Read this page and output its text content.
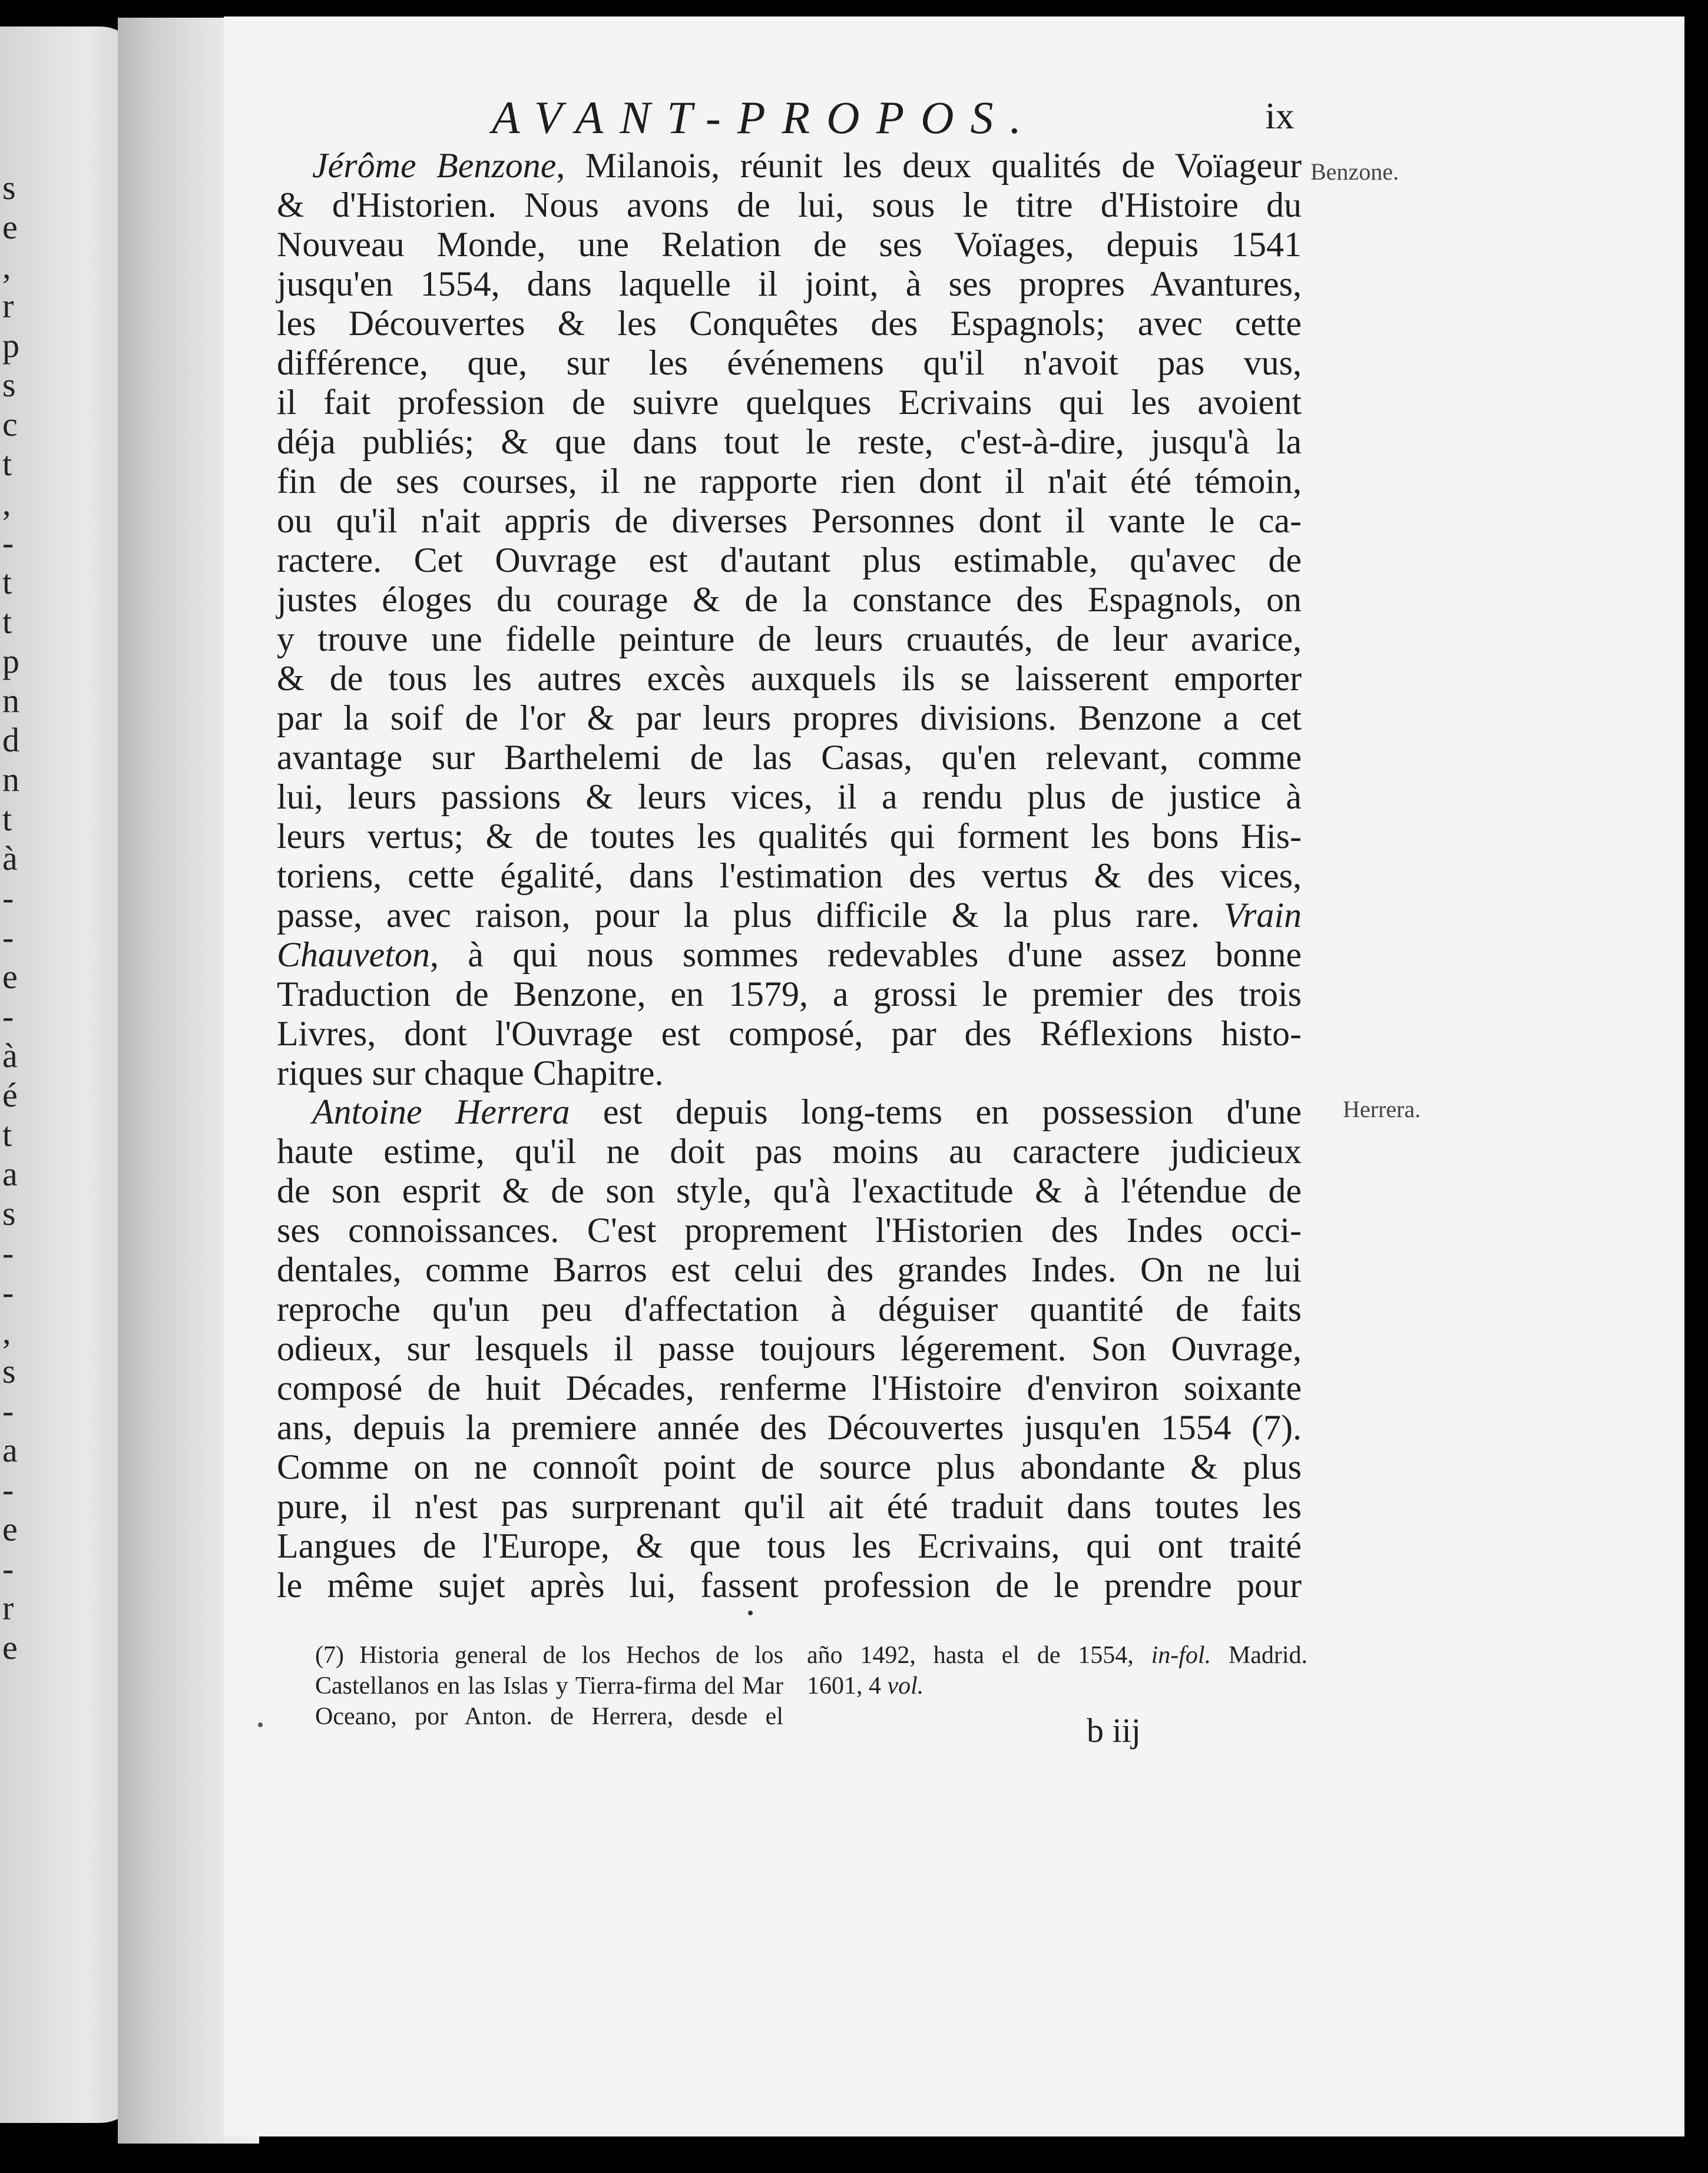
s
e
,
r
p
s
c
t
,
-
t
t
p
n
d
n
t
à
-
-
e
-
à
é
t
a
s
-
-
,
s
-
a
-
e
-
r
e
AVANT-PROPOS.	ix
Benzone.
Herrera.
Jérôme Benzone, Milanois, réunit les deux qualités de Voïageur
& d'Historien. Nous avons de lui, sous le titre d'Histoire du
Nouveau Monde, une Relation de ses Voïages, depuis 1541
jusqu'en 1554, dans laquelle il joint, à ses propres Avantures,
les Découvertes & les Conquêtes des Espagnols; avec cette
différence, que, sur les événemens qu'il n'avoit pas vus,
il fait profession de suivre quelques Ecrivains qui les avoient
déja publiés; & que dans tout le reste, c'est-à-dire, jusqu'à la
fin de ses courses, il ne rapporte rien dont il n'ait été témoin,
ou qu'il n'ait appris de diverses Personnes dont il vante le ca-
ractere. Cet Ouvrage est d'autant plus estimable, qu'avec de
justes éloges du courage & de la constance des Espagnols, on
y trouve une fidelle peinture de leurs cruautés, de leur avarice,
& de tous les autres excès auxquels ils se laisserent emporter
par la soif de l'or & par leurs propres divisions. Benzone a cet
avantage sur Barthelemi de las Casas, qu'en relevant, comme
lui, leurs passions & leurs vices, il a rendu plus de justice à
leurs vertus; & de toutes les qualités qui forment les bons His-
toriens, cette égalité, dans l'estimation des vertus & des vices,
passe, avec raison, pour la plus difficile & la plus rare. Vrain
Chauveton, à qui nous sommes redevables d'une assez bonne
Traduction de Benzone, en 1579, a grossi le premier des trois
Livres, dont l'Ouvrage est composé, par des Réflexions histo-
riques sur chaque Chapitre.
Antoine Herrera est depuis long-tems en possession d'une
haute estime, qu'il ne doit pas moins au caractere judicieux
de son esprit & de son style, qu'à l'exactitude & à l'étendue de
ses connoissances. C'est proprement l'Historien des Indes occi-
dentales, comme Barros est celui des grandes Indes. On ne lui
reproche qu'un peu d'affectation à déguiser quantité de faits
odieux, sur lesquels il passe toujours légerement. Son Ouvrage,
composé de huit Décades, renferme l'Histoire d'environ soixante
ans, depuis la premiere année des Découvertes jusqu'en 1554 (7).
Comme on ne connoît point de source plus abondante & plus
pure, il n'est pas surprenant qu'il ait été traduit dans toutes les
Langues de l'Europe, & que tous les Ecrivains, qui ont traité
le même sujet après lui, fassent profession de le prendre pour
(7) Historia general de los Hechos de los
Castellanos en las Islas y Tierra-firma del Mar
Oceano, por Anton. de Herrera, desde el
año 1492, hasta el de 1554, in-fol. Madrid.
1601, 4 vol.
b iij
